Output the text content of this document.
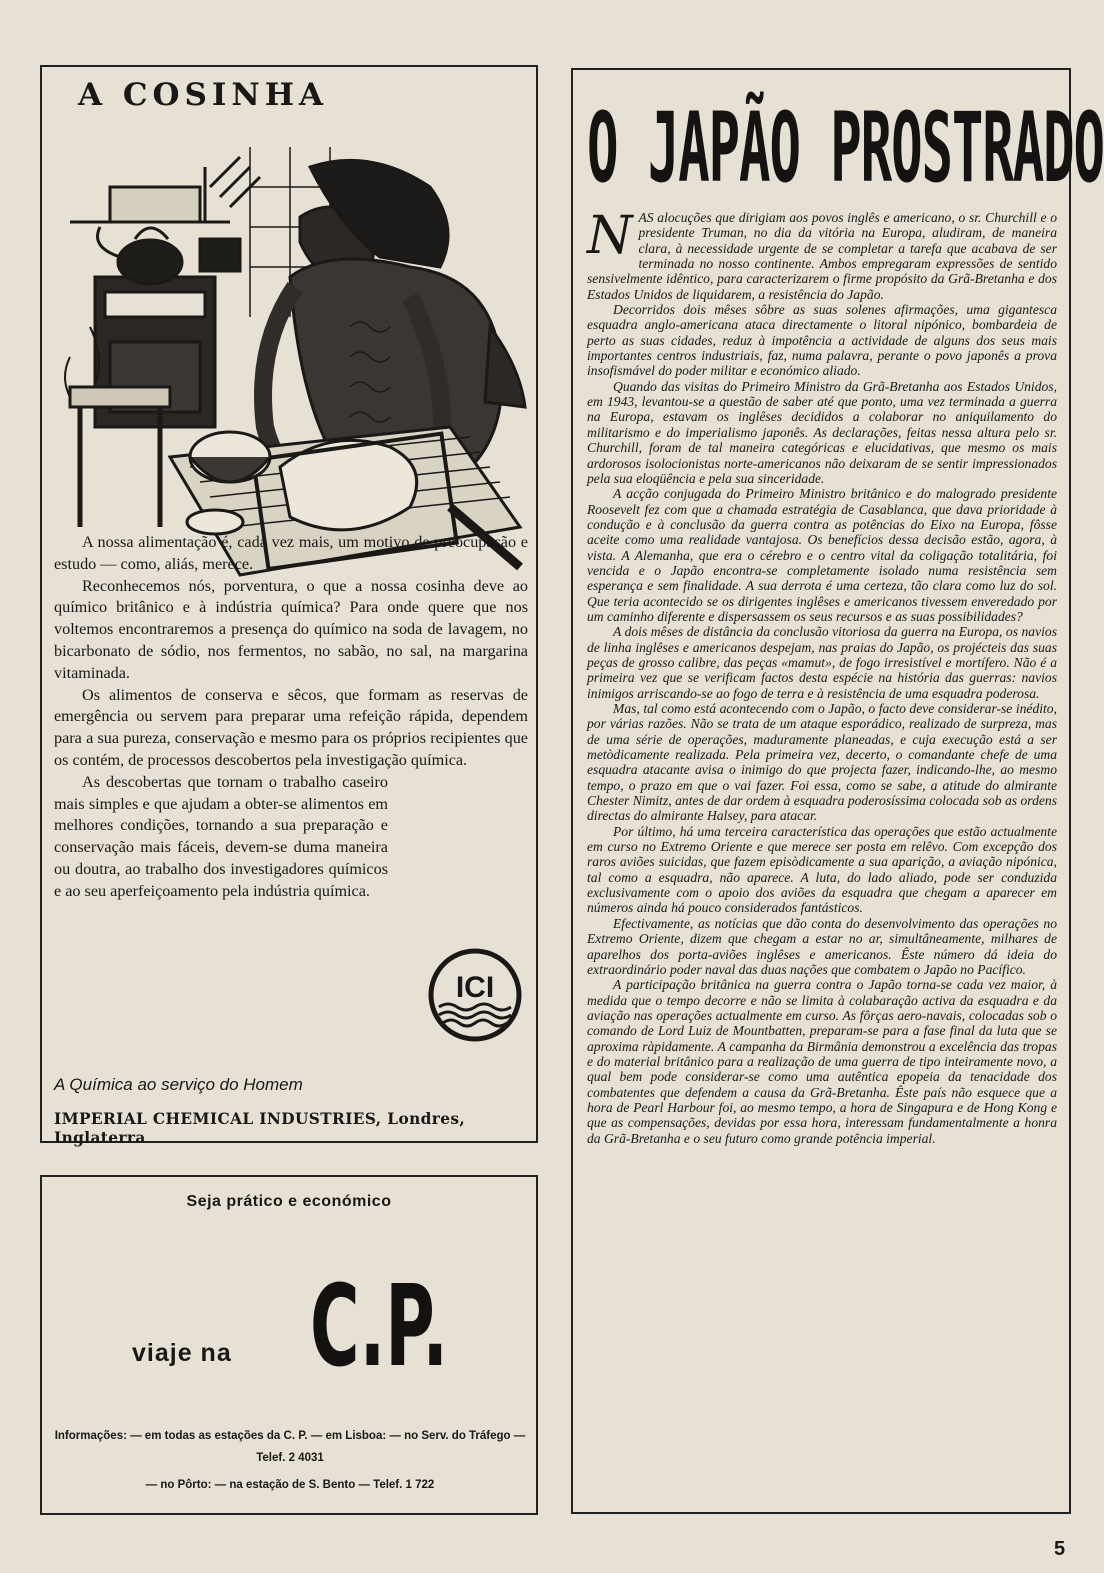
A COSINHA

A nossa alimentação é, cada vez mais, um motivo de preocupação e estudo — como, aliás, merece.

Reconhecemos nós, porventura, o que a nossa cosinha deve ao químico britânico e à indústria química? Para onde quere que nos voltemos encontraremos a presença do químico na soda de lavagem, no bicarbonato de sódio, nos fermentos, no sabão, no sal, na margarina vitaminada.

Os alimentos de conserva e sêcos, que formam as reservas de emergência ou servem para preparar uma refeição rápida, dependem para a sua pureza, conservação e mesmo para os próprios recipientes que os contém, de processos descobertos pela investigação química.

As descobertas que tornam o trabalho caseiro mais simples e que ajudam a obter-se alimentos em melhores condições, tornando a sua preparação e conservação mais fáceis, devem-se duma maneira ou doutra, ao trabalho dos investigadores químicos e ao seu aperfeiçoamento pela indústria química.

ICI

A Química ao serviço do Homem

IMPERIAL CHEMICAL INDUSTRIES, Londres, Inglaterra

Seja prático e económico

viaje na C.P.

Informações: — em todas as estações da C. P. — em Lisboa: — no Serv. do Tráfego — Telef. 2 4031

— no Pôrto: — na estação de S. Bento — Telef. 1 722

O JAPÃO PROSTRADO

NAS alocuções que dirigiam aos povos inglês e americano, o sr. Churchill e o presidente Truman, no dia da vitória na Europa, aludiram, de maneira clara, à necessidade urgente de se completar a tarefa que acabava de ser terminada no nosso continente. Ambos empregaram expressões de sentido sensivelmente idêntico, para caracterizarem o firme propósito da Grã-Bretanha e dos Estados Unidos de liquidarem, a resistência do Japão.

Decorridos dois mêses sôbre as suas solenes afirmações, uma gigantesca esquadra anglo-americana ataca directamente o litoral nipónico, bombardeia de perto as suas cidades, reduz à impotência a actividade de alguns dos seus mais importantes centros industriais, faz, numa palavra, perante o povo japonês a prova insofismável do poder militar e económico aliado.

Quando das visitas do Primeiro Ministro da Grã-Bretanha aos Estados Unidos, em 1943, levantou-se a questão de saber até que ponto, uma vez terminada a guerra na Europa, estavam os inglêses decididos a colaborar no aniquilamento do militarismo e do imperialismo japonês. As declarações, feitas nessa altura pelo sr. Churchill, foram de tal maneira categóricas e elucidativas, que mesmo os mais ardorosos isolocionistas norte-americanos não deixaram de se sentir impressionados pela sua eloqüência e pela sua sinceridade.

A acção conjugada do Primeiro Ministro britânico e do malogrado presidente Roosevelt fez com que a chamada estratégia de Casablanca, que dava prioridade à condução e à conclusão da guerra contra as potências do Eixo na Europa, fôsse aceite como uma realidade vantajosa. Os benefícios dessa decisão estão, agora, à vista. A Alemanha, que era o cérebro e o centro vital da coligação totalitária, foi vencida e o Japão encontra-se completamente isolado numa resistência sem esperança e sem finalidade. A sua derrota é uma certeza, tão clara como luz do sol. Que teria acontecido se os dirigentes inglêses e americanos tivessem enveredado por um caminho diferente e dispersassem os seus recursos e as suas possibilidades?

A dois mêses de distância da conclusão vitoriosa da guerra na Europa, os navios de linha inglêses e americanos despejam, nas praias do Japão, os projécteis das suas peças de grosso calibre, das peças «mamut», de fogo irresistível e mortífero. Não é a primeira vez que se verificam factos desta espécie na história das guerras: navios inimigos arriscando-se ao fogo de terra e à resistência de uma esquadra poderosa.

Mas, tal como está acontecendo com o Japão, o facto deve considerar-se inédito, por várias razões. Não se trata de um ataque esporádico, realizado de surpreza, mas de uma série de operações, maduramente planeadas, e cuja execução está a ser metòdicamente realizada. Pela primeira vez, decerto, o comandante chefe de uma esquadra atacante avisa o inimigo do que projecta fazer, indicando-lhe, ao mesmo tempo, o prazo em que o vai fazer. Foi essa, como se sabe, a atitude do almirante Chester Nimitz, antes de dar ordem à esquadra poderosíssima colocada sob as ordens directas do almirante Halsey, para atacar.

Por último, há uma terceira característica das operações que estão actualmente em curso no Extremo Oriente e que merece ser posta em relêvo. Com excepção dos raros aviões suicidas, que fazem episòdicamente a sua aparição, a aviação nipónica, tal como a esquadra, não aparece. A luta, do lado aliado, pode ser conduzida exclusivamente com o apoio dos aviões da esquadra que chegam a aparecer em números ainda há pouco considerados fantásticos.

Efectivamente, as notícias que dão conta do desenvolvimento das operações no Extremo Oriente, dizem que chegam a estar no ar, simultâneamente, milhares de aparelhos dos porta-aviões inglêses e americanos. Êste número dá ideia do extraordinário poder naval das duas nações que combatem o Japão no Pacífico.

A participação britânica na guerra contra o Japão torna-se cada vez maior, à medida que o tempo decorre e não se limita à colabaração activa da esquadra e da aviação nas operações actualmente em curso. As fôrças aero-navais, colocadas sob o comando de Lord Luiz de Mountbatten, preparam-se para a fase final da luta que se aproxima ràpidamente. A campanha da Birmânia demonstrou a excelência das tropas e do material britânico para a realização de uma guerra de tipo inteiramente novo, a qual bem pode considerar-se como uma autêntica epopeia da tenacidade dos combatentes que defendem a causa da Grã-Bretanha. Êste país não esquece que a hora de Pearl Harbour foi, ao mesmo tempo, a hora de Singapura e de Hong Kong e que as compensações, devidas por essa hora, interessam fundamentalmente a honra da Grã-Bretanha e o seu futuro como grande potência imperial.

5
